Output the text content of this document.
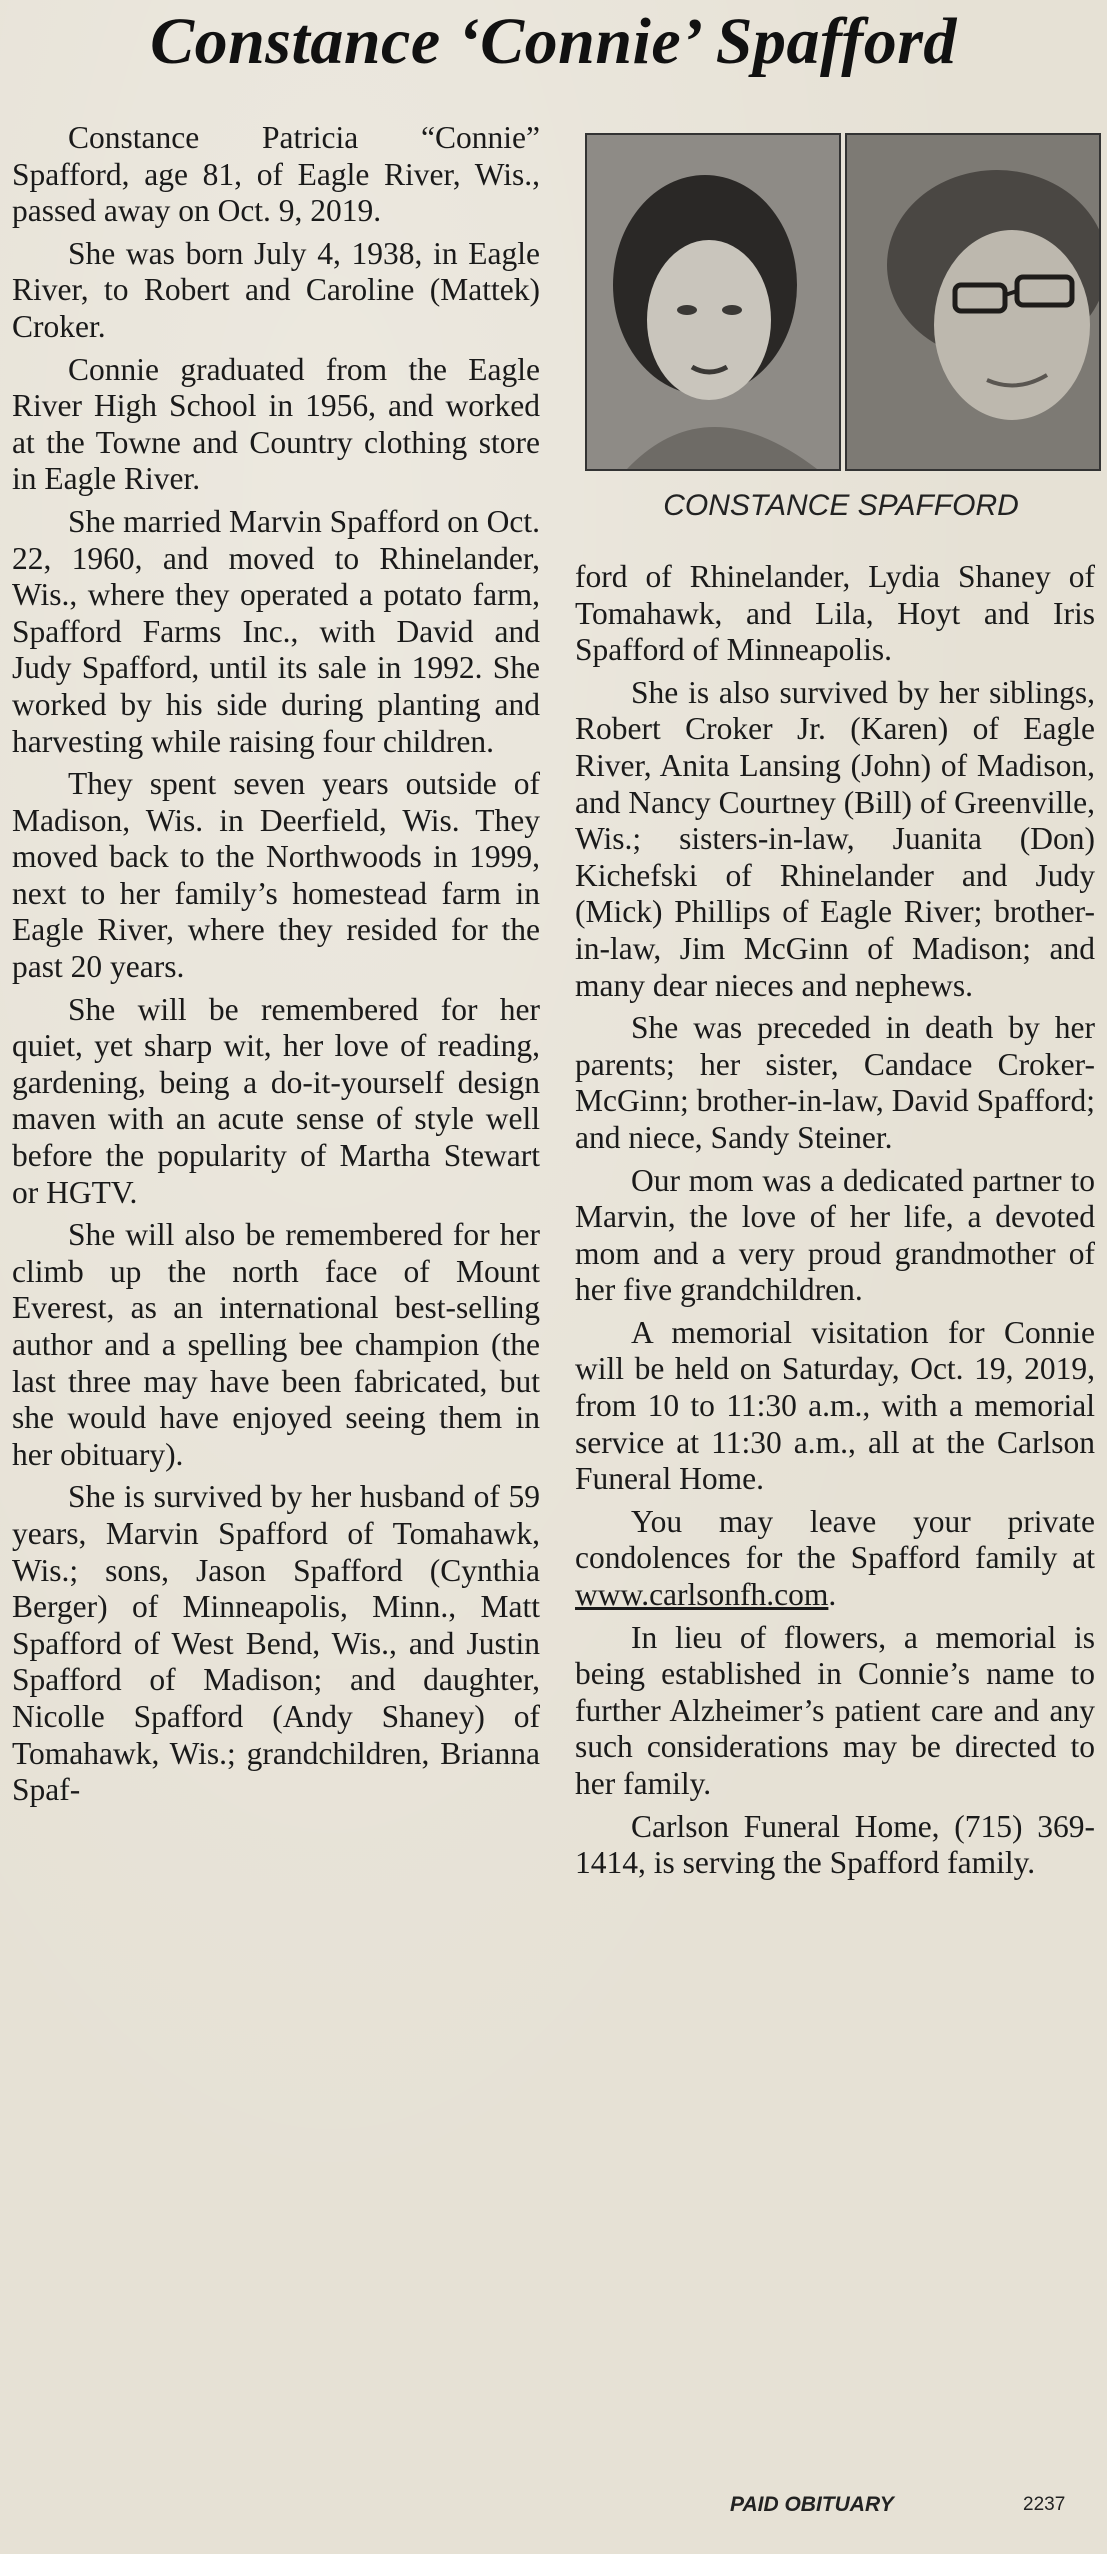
Constance ‘Connie’ Spafford

Constance Patricia “Connie” Spafford, age 81, of Eagle River, Wis., passed away on Oct. 9, 2019.

She was born July 4, 1938, in Eagle River, to Robert and Caroline (Mattek) Croker.

Connie graduated from the Eagle River High School in 1956, and worked at the Towne and Country clothing store in Eagle River.

She married Marvin Spafford on Oct. 22, 1960, and moved to Rhinelander, Wis., where they operated a potato farm, Spafford Farms Inc., with David and Judy Spafford, until its sale in 1992. She worked by his side during planting and harvesting while raising four children.

They spent seven years outside of Madison, Wis. in Deerfield, Wis. They moved back to the Northwoods in 1999, next to her family’s homestead farm in Eagle River, where they resided for the past 20 years.

She will be remembered for her quiet, yet sharp wit, her love of reading, gardening, being a do-it-yourself design maven with an acute sense of style well before the popularity of Martha Stewart or HGTV.

She will also be remembered for her climb up the north face of Mount Everest, as an international best-selling author and a spelling bee champion (the last three may have been fabricated, but she would have enjoyed seeing them in her obituary).

She is survived by her husband of 59 years, Marvin Spafford of Tomahawk, Wis.; sons, Jason Spafford (Cynthia Berger) of Minneapolis, Minn., Matt Spafford of West Bend, Wis., and Justin Spafford of Madison; and daughter, Nicolle Spafford (Andy Shaney) of Tomahawk, Wis.; grandchildren, Brianna Spaf-

CONSTANCE SPAFFORD

ford of Rhinelander, Lydia Shaney of Tomahawk, and Lila, Hoyt and Iris Spafford of Minneapolis.

She is also survived by her siblings, Robert Croker Jr. (Karen) of Eagle River, Anita Lansing (John) of Madison, and Nancy Courtney (Bill) of Greenville, Wis.; sisters-in-law, Juanita (Don) Kichefski of Rhinelander and Judy (Mick) Phillips of Eagle River; brother-in-law, Jim McGinn of Madison; and many dear nieces and nephews.

She was preceded in death by her parents; her sister, Candace Croker-McGinn; brother-in-law, David Spafford; and niece, Sandy Steiner.

Our mom was a dedicated partner to Marvin, the love of her life, a devoted mom and a very proud grandmother of her five grandchildren.

A memorial visitation for Connie will be held on Saturday, Oct. 19, 2019, from 10 to 11:30 a.m., with a memorial service at 11:30 a.m., all at the Carlson Funeral Home.

You may leave your private condolences for the Spafford family at www.carlsonfh.com.

In lieu of flowers, a memorial is being established in Connie’s name to further Alzheimer’s patient care and any such considerations may be directed to her family.

Carlson Funeral Home, (715) 369-1414, is serving the Spafford family.

PAID OBITUARY	2237
